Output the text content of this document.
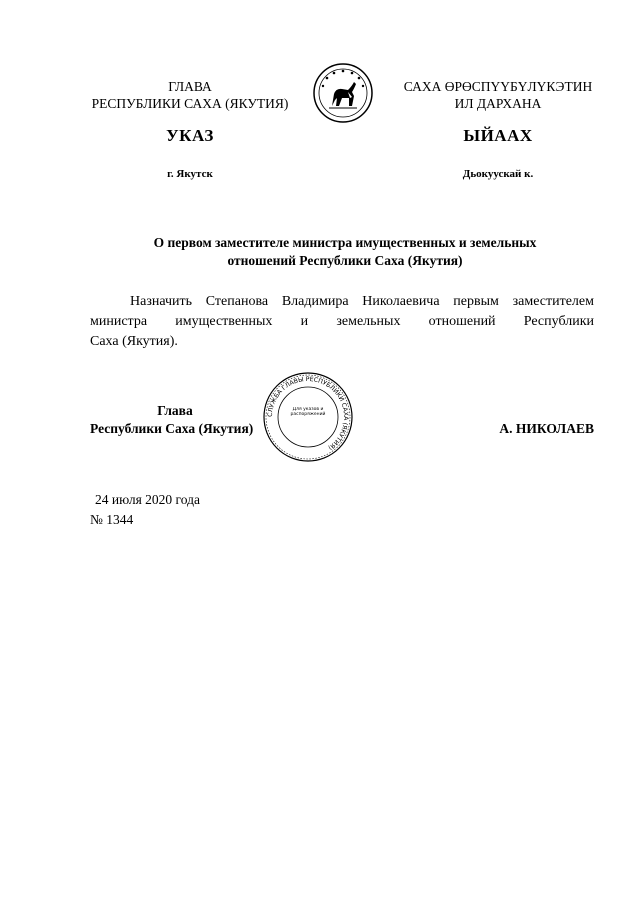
ГЛАВА
РЕСПУБЛИКИ САХА (ЯКУТИЯ)
САХА ӨРӨСПҮҮБҮЛҮКЭТИН
ИЛ ДАРХАНА
УКАЗ	ЫЙААХ
г. Якутск	Дьокуускай к.
О первом заместителе министра имущественных и земельных
отношений Республики Саха (Якутия)
Назначить Степанова Владимира Николаевича первым заместителем
министра имущественных и земельных отношений Республики
Саха (Якутия).
Глава
Республики Саха (Якутия)
СЛУЖБА ГЛАВЫ РЕСПУБЛИКИ САХА (ЯКУТИЯ)
Для указов и распоряжений
А. НИКОЛАЕВ
24 июля 2020 года
№ 1344
